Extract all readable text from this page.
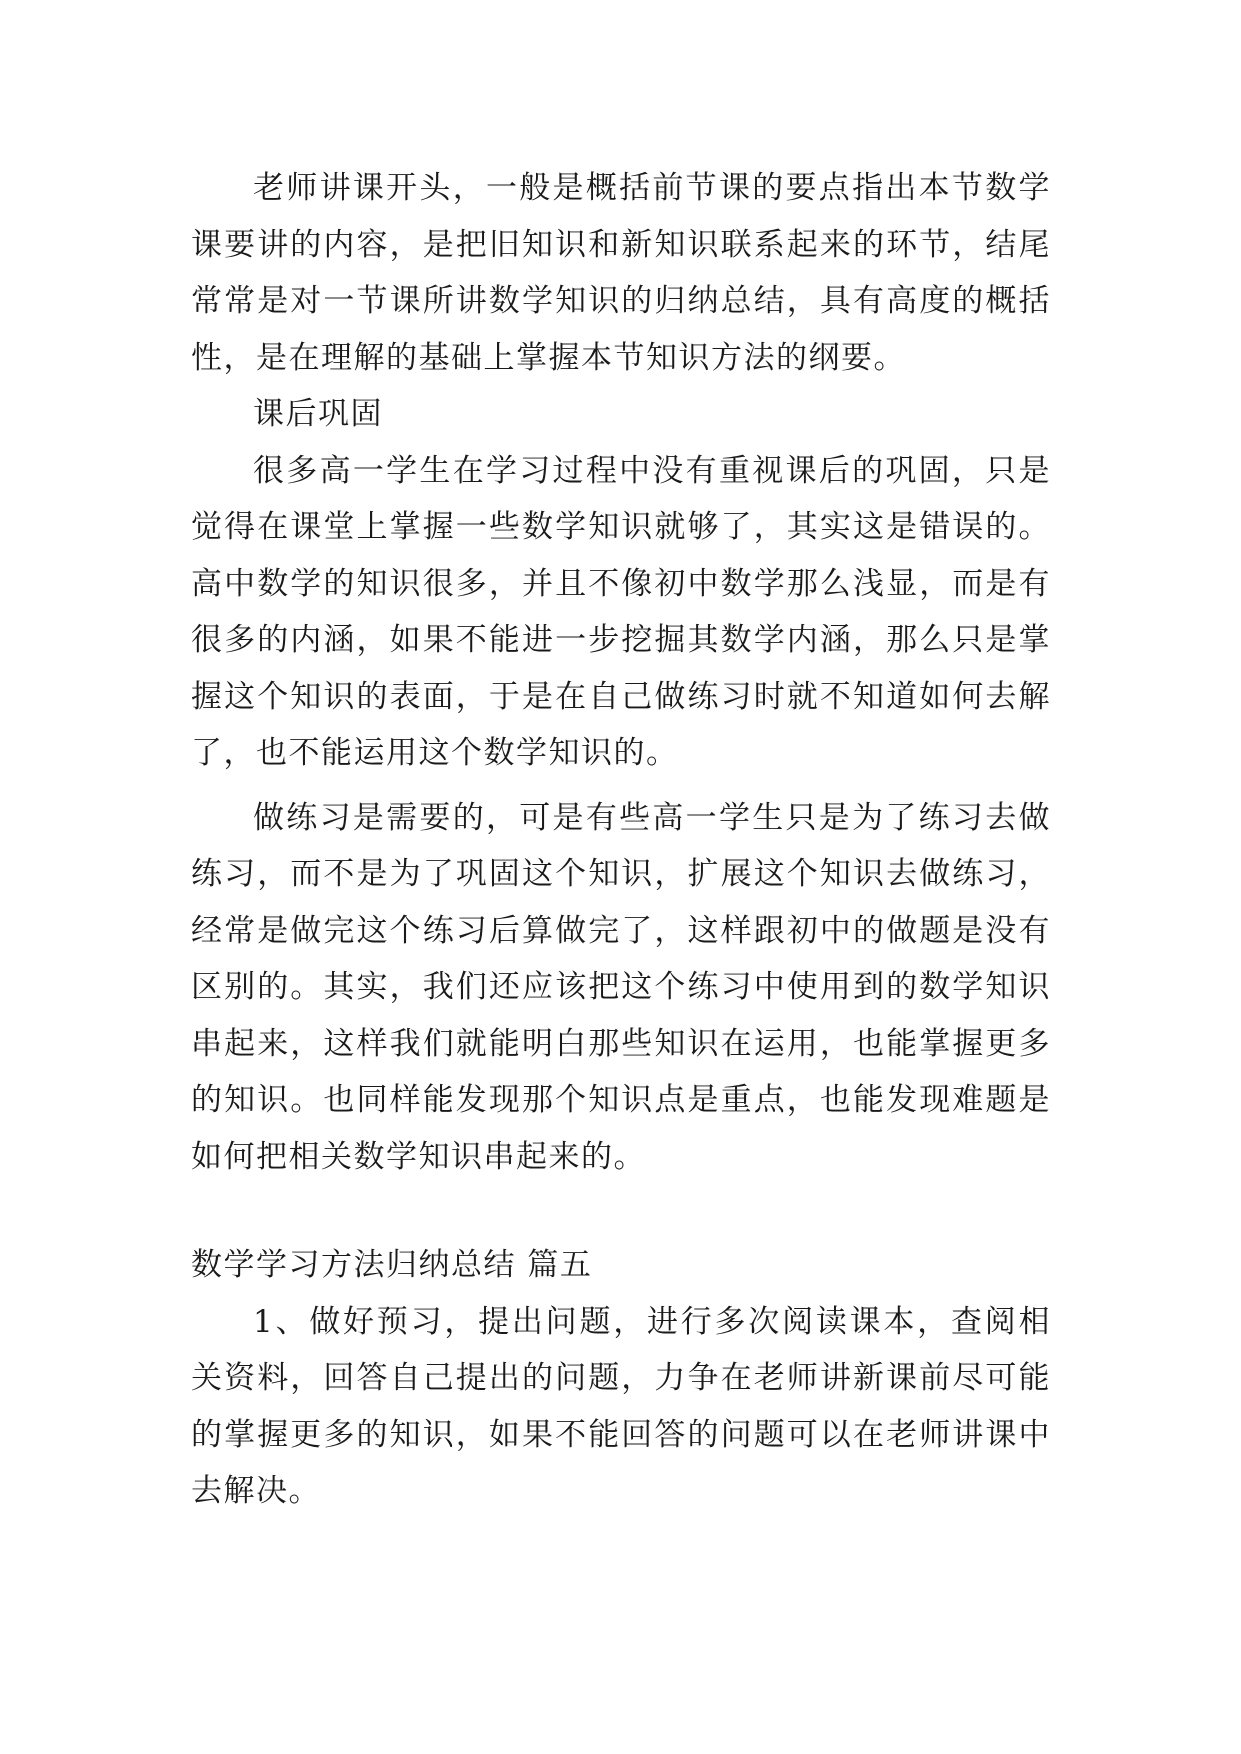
老师讲课开头，一般是概括前节课的要点指出本节数学课要讲的内容，是把旧知识和新知识联系起来的环节，结尾常常是对一节课所讲数学知识的归纳总结，具有高度的概括性，是在理解的基础上掌握本节知识方法的纲要。

课后巩固

很多高一学生在学习过程中没有重视课后的巩固，只是觉得在课堂上掌握一些数学知识就够了，其实这是错误的。高中数学的知识很多，并且不像初中数学那么浅显，而是有很多的内涵，如果不能进一步挖掘其数学内涵，那么只是掌握这个知识的表面，于是在自己做练习时就不知道如何去解了，也不能运用这个数学知识的。

做练习是需要的，可是有些高一学生只是为了练习去做练习，而不是为了巩固这个知识，扩展这个知识去做练习，经常是做完这个练习后算做完了，这样跟初中的做题是没有区别的。其实，我们还应该把这个练习中使用到的数学知识串起来，这样我们就能明白那些知识在运用，也能掌握更多的知识。也同样能发现那个知识点是重点，也能发现难题是如何把相关数学知识串起来的。

数学学习方法归纳总结 篇五

1、做好预习，提出问题，进行多次阅读课本，查阅相关资料，回答自己提出的问题，力争在老师讲新课前尽可能的掌握更多的知识，如果不能回答的问题可以在老师讲课中去解决。
